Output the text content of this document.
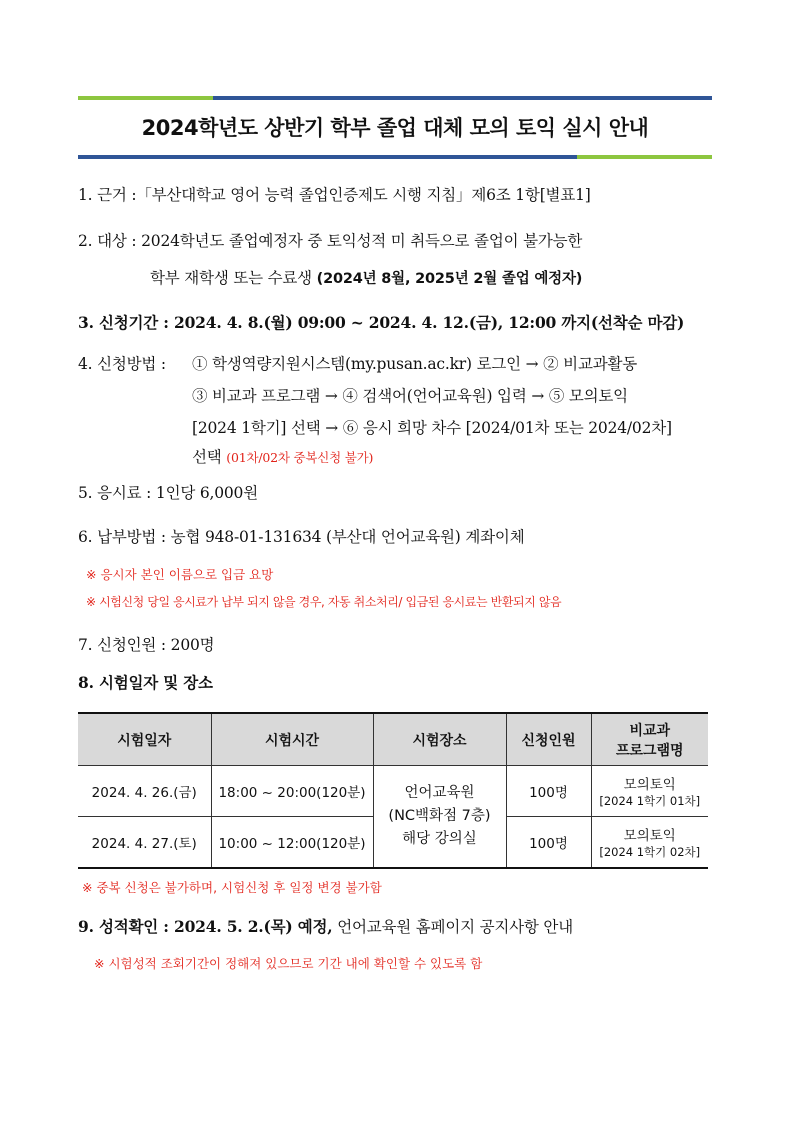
2024학년도 상반기 학부 졸업 대체 모의 토익 실시 안내
1. 근거 :「부산대학교 영어 능력 졸업인증제도 시행 지침」제6조 1항[별표1]
2. 대상 : 2024학년도 졸업예정자 중 토익성적 미 취득으로 졸업이 불가능한
학부 재학생 또는 수료생 (2024년 8월, 2025년 2월 졸업 예정자)
3. 신청기간 : 2024. 4. 8.(월) 09:00 ~ 2024. 4. 12.(금), 12:00 까지(선착순 마감)
4. 신청방법 : ① 학생역량지원시스템(my.pusan.ac.kr) 로그인 → ② 비교과활동
③ 비교과 프로그램 → ④ 검색어(언어교육원) 입력 → ⑤ 모의토익
[2024 1학기] 선택 → ⑥ 응시 희망 차수 [2024/01차 또는 2024/02차]
선택 (01차/02차 중복신청 불가)
5. 응시료 : 1인당 6,000원
6. 납부방법 : 농협 948-01-131634 (부산대 언어교육원) 계좌이체
※ 응시자 본인 이름으로 입금 요망
※ 시험신청 당일 응시료가 납부 되지 않을 경우, 자동 취소처리/ 입금된 응시료는 반환되지 않음
7. 신청인원 : 200명
8. 시험일자 및 장소
시험일자	시험시간	시험장소	신청인원	비교과
프로그램명

2024. 4. 26.(금)	18:00 ~ 20:00(120분)	언어교육원
(NC백화점 7층)
해당 강의실	100명	모의토익
[2024 1학기 01차]

2024. 4. 27.(토)	10:00 ~ 12:00(120분)		100명	모의토익
[2024 1학기 02차]
※ 중복 신청은 불가하며, 시험신청 후 일정 변경 불가함
9. 성적확인 : 2024. 5. 2.(목) 예정, 언어교육원 홈페이지 공지사항 안내
※ 시험성적 조회기간이 정해져 있으므로 기간 내에 확인할 수 있도록 함
